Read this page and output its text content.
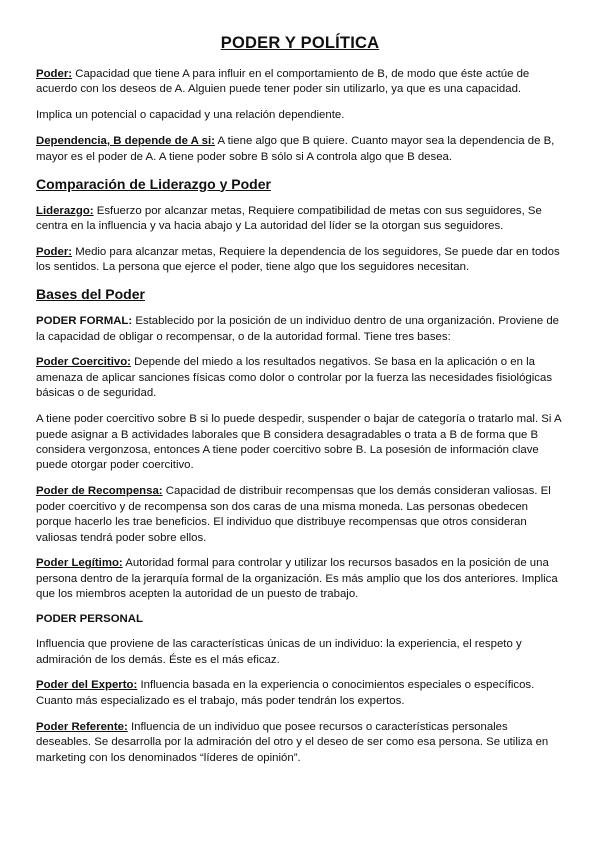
PODER Y POLÍTICA

Poder: Capacidad que tiene A para influir en el comportamiento de B, de modo que éste actúe de acuerdo con los deseos de A. Alguien puede tener poder sin utilizarlo, ya que es una capacidad.

Implica un potencial o capacidad y una relación dependiente.

Dependencia, B depende de A si: A tiene algo que B quiere. Cuanto mayor sea la dependencia de B, mayor es el poder de A. A tiene poder sobre B sólo si A controla algo que B desea.

Comparación de Liderazgo y Poder

Liderazgo: Esfuerzo por alcanzar metas, Requiere compatibilidad de metas con sus seguidores, Se centra en la influencia y va hacia abajo y La autoridad del líder se la otorgan sus seguidores.

Poder: Medio para alcanzar metas, Requiere la dependencia de los seguidores, Se puede dar en todos los sentidos. La persona que ejerce el poder, tiene algo que los seguidores necesitan.

Bases del Poder

PODER FORMAL: Establecido por la posición de un individuo dentro de una organización. Proviene de la capacidad de obligar o recompensar, o de la autoridad formal. Tiene tres bases:

Poder Coercitivo: Depende del miedo a los resultados negativos. Se basa en la aplicación o en la amenaza de aplicar sanciones físicas como dolor o controlar por la fuerza las necesidades fisiológicas básicas o de seguridad.

A tiene poder coercitivo sobre B si lo puede despedir, suspender o bajar de categoría o tratarlo mal. Si A puede asignar a B actividades laborales que B considera desagradables o trata a B de forma que B considera vergonzosa, entonces A tiene poder coercitivo sobre B. La posesión de información clave puede otorgar poder coercitivo.

Poder de Recompensa: Capacidad de distribuir recompensas que los demás consideran valiosas. El poder coercitivo y de recompensa son dos caras de una misma moneda. Las personas obedecen porque hacerlo les trae beneficios. El individuo que distribuye recompensas que otros consideran valiosas tendrá poder sobre ellos.

Poder Legítimo: Autoridad formal para controlar y utilizar los recursos basados en la posición de una persona dentro de la jerarquía formal de la organización. Es más amplio que los dos anteriores. Implica que los miembros acepten la autoridad de un puesto de trabajo.

PODER PERSONAL

Influencia que proviene de las características únicas de un individuo: la experiencia, el respeto y admiración de los demás. Éste es el más eficaz.

Poder del Experto: Influencia basada en la experiencia o conocimientos especiales o específicos. Cuanto más especializado es el trabajo, más poder tendrán los expertos.

Poder Referente: Influencia de un individuo que posee recursos o características personales deseables. Se desarrolla por la admiración del otro y el deseo de ser como esa persona. Se utiliza en marketing con los denominados “líderes de opinión”.
